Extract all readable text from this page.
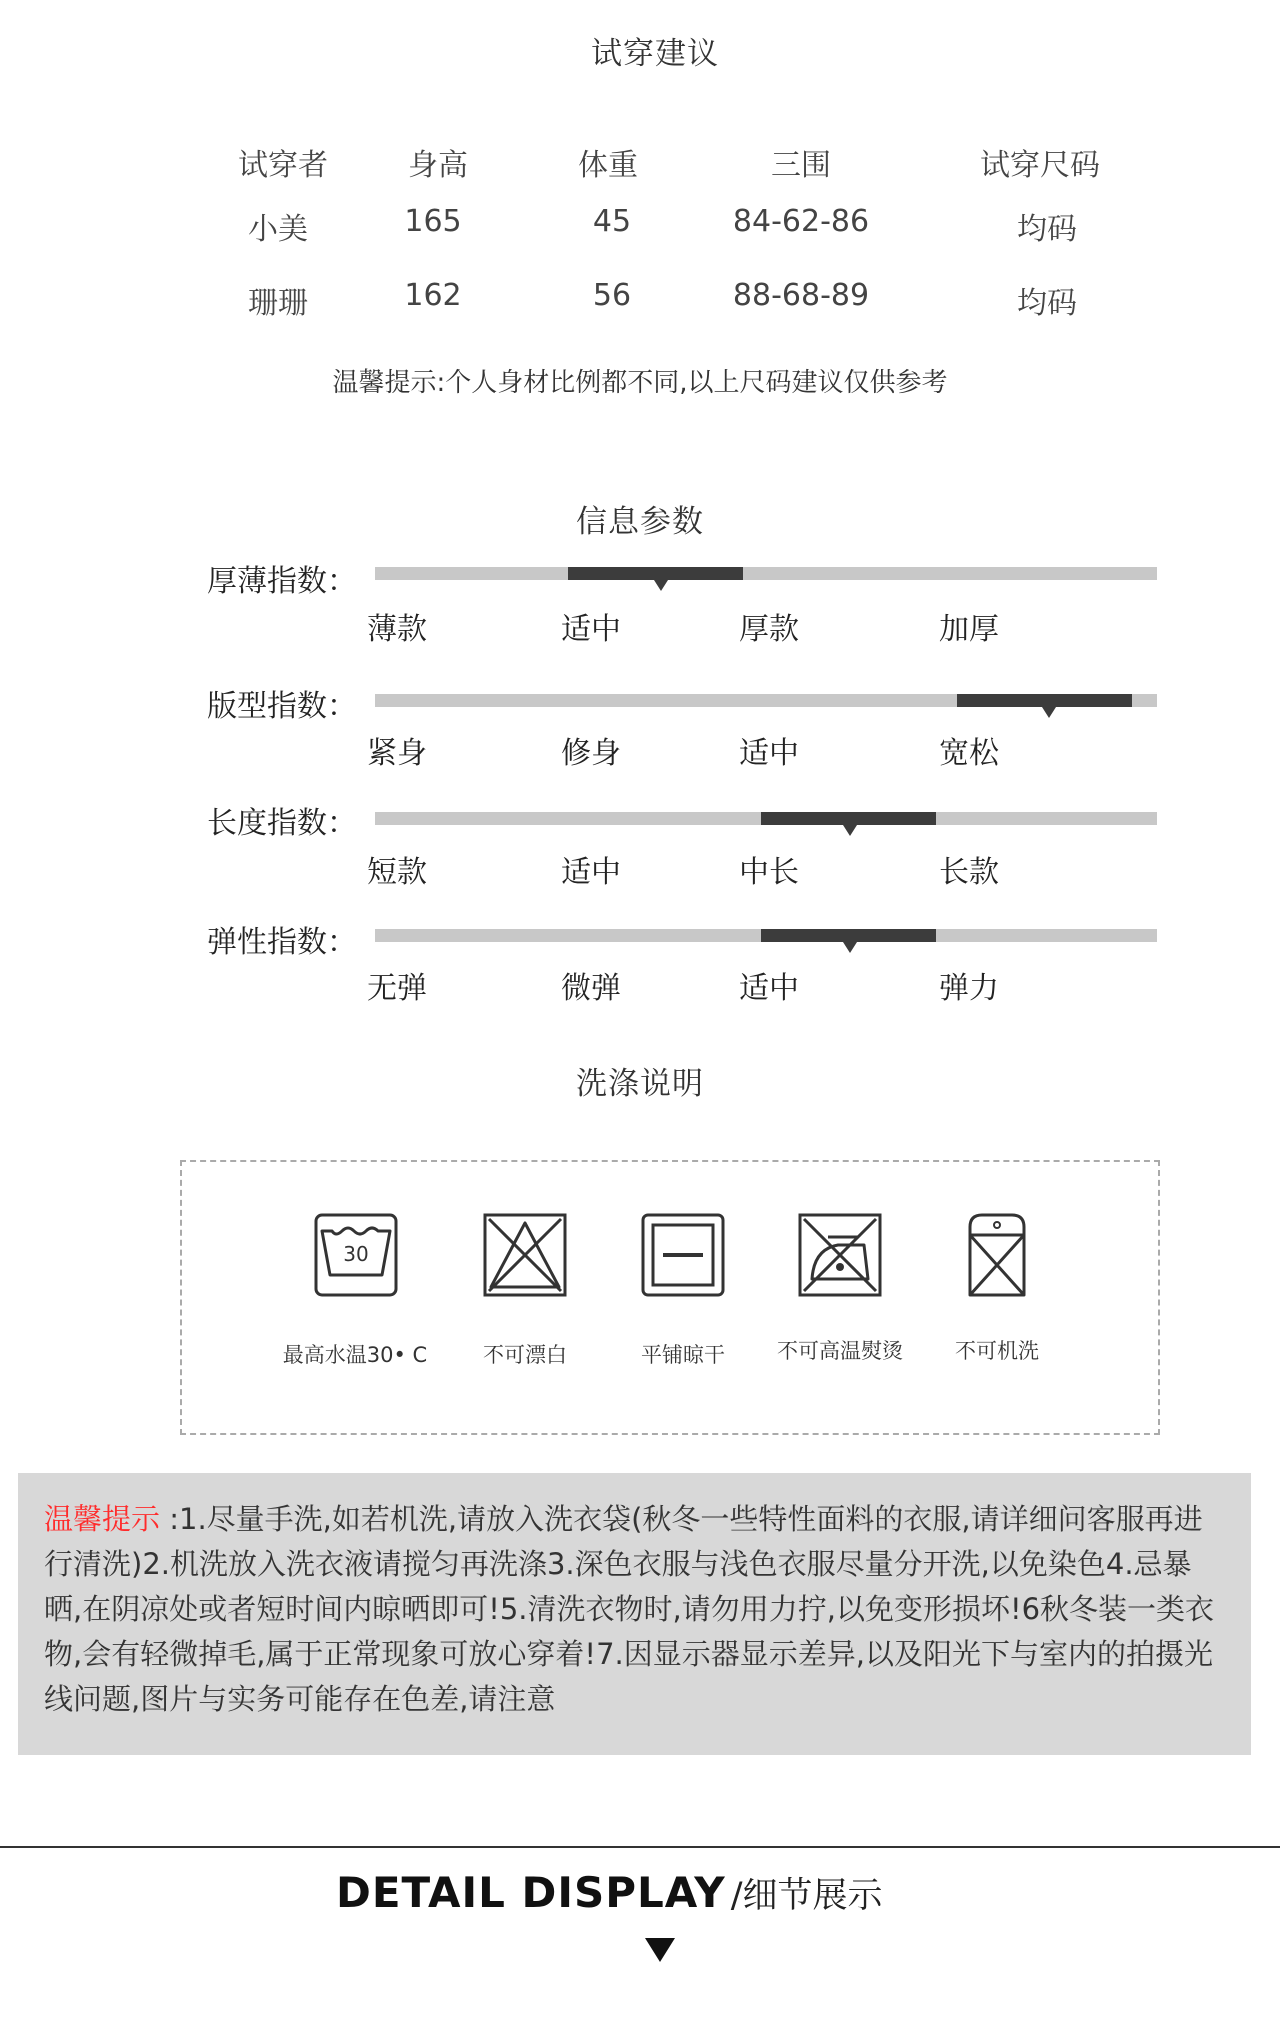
试穿建议
试穿者	身高	体重	三围	试穿尺码
小美	165	45	84-62-86	均码
珊珊	162	56	88-68-89	均码
温馨提示:个人身材比例都不同,以上尺码建议仅供参考
信息参数
厚薄指数：
薄款	适中	厚款	加厚
版型指数：
紧身	修身	适中	宽松
长度指数：
短款	适中	中长	长款
弹性指数：
无弹	微弹	适中	弹力
洗涤说明
30
最高水温30• C	不可漂白	平铺晾干	不可高温熨烫	不可机洗
温馨提示 :1.尽量手洗,如若机洗,请放入洗衣袋(秋冬一些特性面料的衣服,请详细问客服再进行清洗)2.机洗放入洗衣液请搅匀再洗涤3.深色衣服与浅色衣服尽量分开洗,以免染色4.忌暴晒,在阴凉处或者短时间内晾晒即可!5.清洗衣物时,请勿用力拧,以免变形损坏!6秋冬装一类衣物,会有轻微掉毛,属于正常现象可放心穿着!7.因显示器显示差异,以及阳光下与室内的拍摄光线问题,图片与实务可能存在色差,请注意
DETAIL DISPLAY /细节展示
